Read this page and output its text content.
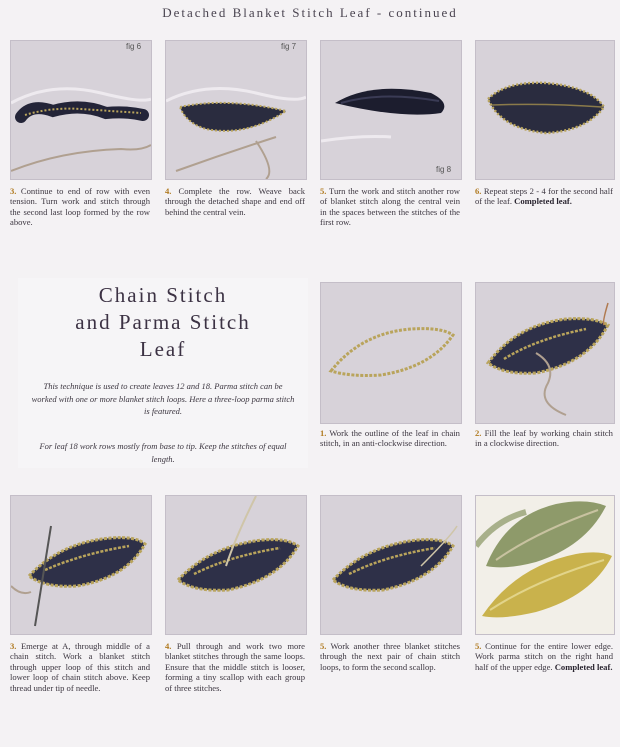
Detached Blanket Stitch Leaf - continued
fig 6	fig 7
fig 8
3. Continue to end of row with even tension. Turn work and stitch through the second last loop formed by the row above.
4. Complete the row. Weave back through the detached shape and end off behind the central vein.
5. Turn the work and stitch another row of blanket stitch along the central vein in the spaces between the stitches of the first row.
6. Repeat steps 2 - 4 for the second half of the leaf. Completed leaf.
Chain Stitch
and Parma Stitch
Leaf
This technique is used to create leaves 12 and 18. Parma stitch can be worked with one or more blanket stitch loops. Here a three-loop parma stitch is featured.
For leaf 18 work rows mostly from base to tip. Keep the stitches of equal length.
1. Work the outline of the leaf in chain stitch, in an anti-clockwise direction.
2. Fill the leaf by working chain stitch in a clockwise direction.
3. Emerge at A, through middle of a chain stitch. Work a blanket stitch through upper loop of this stitch and lower loop of chain stitch above. Keep thread under tip of needle.
4. Pull through and work two more blanket stitches through the same loops. Ensure that the middle stitch is looser, forming a tiny scallop with each group of three stitches.
5. Work another three blanket stitches through the next pair of chain stitch loops, to form the second scallop.
5. Continue for the entire lower edge. Work parma stitch on the right hand half of the upper edge. Completed leaf.
